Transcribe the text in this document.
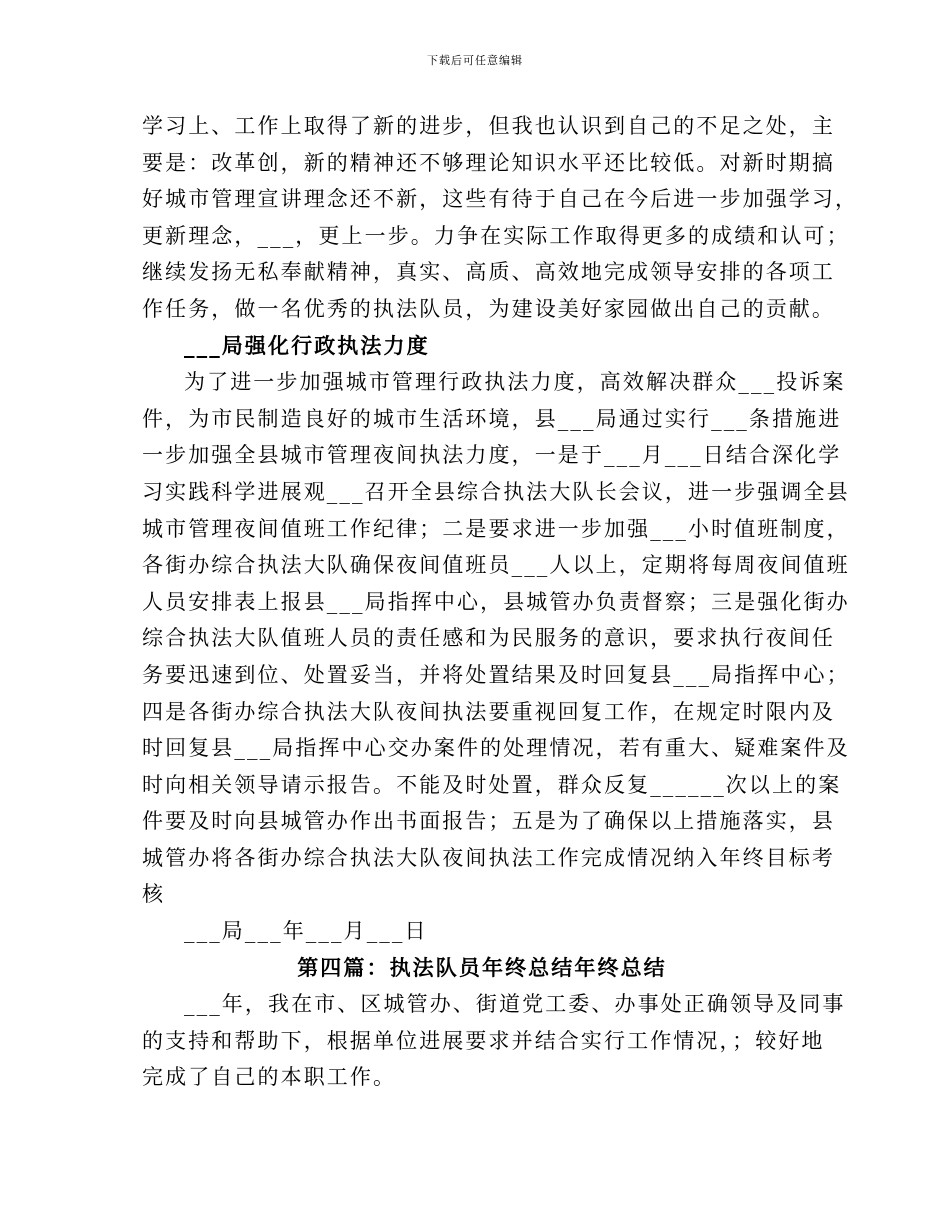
下载后可任意编辑
学习上、工作上取得了新的进步，但我也认识到自己的不足之处，主
要是：改革创，新的精神还不够理论知识水平还比较低。对新时期搞
好城市管理宣讲理念还不新，这些有待于自己在今后进一步加强学习，
更新理念，___，更上一步。力争在实际工作取得更多的成绩和认可；
继续发扬无私奉献精神，真实、高质、高效地完成领导安排的各项工
作任务，做一名优秀的执法队员，为建设美好家园做出自己的贡献。
___局强化行政执法力度
为了进一步加强城市管理行政执法力度，高效解决群众___投诉案
件，为市民制造良好的城市生活环境，县___局通过实行___条措施进
一步加强全县城市管理夜间执法力度，一是于___月___日结合深化学
习实践科学进展观___召开全县综合执法大队长会议，进一步强调全县
城市管理夜间值班工作纪律；二是要求进一步加强___小时值班制度，
各街办综合执法大队确保夜间值班员___人以上，定期将每周夜间值班
人员安排表上报县___局指挥中心，县城管办负责督察；三是强化街办
综合执法大队值班人员的责任感和为民服务的意识，要求执行夜间任
务要迅速到位、处置妥当，并将处置结果及时回复县___局指挥中心；
四是各街办综合执法大队夜间执法要重视回复工作，在规定时限内及
时回复县___局指挥中心交办案件的处理情况，若有重大、疑难案件及
时向相关领导请示报告。不能及时处置，群众反复______次以上的案
件要及时向县城管办作出书面报告；五是为了确保以上措施落实，县
城管办将各街办综合执法大队夜间执法工作完成情况纳入年终目标考
核
___局___年___月___日
第四篇：执法队员年终总结年终总结
___年，我在市、区城管办、街道党工委、办事处正确领导及同事
的支持和帮助下，根据单位进展要求并结合实行工作情况，；较好地
完成了自己的本职工作。
